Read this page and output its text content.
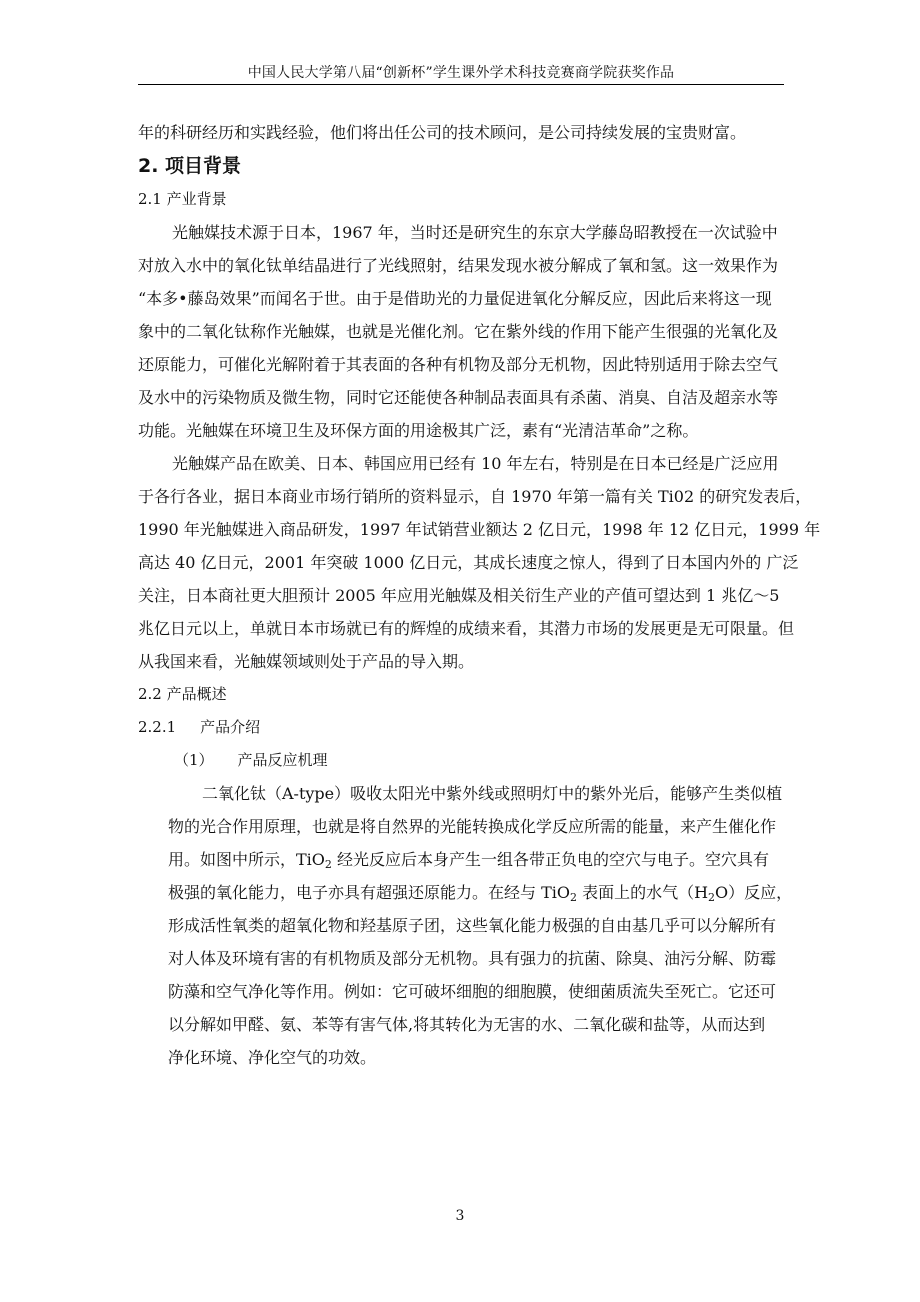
中国人民大学第八届“创新杯”学生课外学术科技竞赛商学院获奖作品

年的科研经历和实践经验，他们将出任公司的技术顾问，是公司持续发展的宝贵财富。

2. 项目背景

2.1 产业背景

光触媒技术源于日本，1967 年，当时还是研究生的东京大学藤岛昭教授在一次试验中

对放入水中的氧化钛单结晶进行了光线照射，结果发现水被分解成了氧和氢。这一效果作为

“本多•藤岛效果”而闻名于世。由于是借助光的力量促进氧化分解反应，因此后来将这一现

象中的二氧化钛称作光触媒，也就是光催化剂。它在紫外线的作用下能产生很强的光氧化及

还原能力，可催化光解附着于其表面的各种有机物及部分无机物，因此特别适用于除去空气

及水中的污染物质及微生物，同时它还能使各种制品表面具有杀菌、消臭、自洁及超亲水等

功能。光触媒在环境卫生及环保方面的用途极其广泛，素有“光清洁革命”之称。

光触媒产品在欧美、日本、韩国应用已经有 10 年左右，特别是在日本已经是广泛应用

于各行各业，据日本商业市场行销所的资料显示，自 1970 年第一篇有关 Ti02 的研究发表后，

1990 年光触媒进入商品研发，1997 年试销营业额达 2 亿日元，1998 年 12 亿日元，1999 年

高达 40 亿日元，2001 年突破 1000 亿日元，其成长速度之惊人，得到了日本国内外的 广泛

关注，日本商社更大胆预计 2005 年应用光触媒及相关衍生产业的产值可望达到 1 兆亿～5

兆亿日元以上，单就日本市场就已有的辉煌的成绩来看，其潜力市场的发展更是无可限量。但

从我国来看，光触媒领域则处于产品的导入期。

2.2 产品概述

2.2.1 产品介绍

（1） 产品反应机理

二氧化钛（A-type）吸收太阳光中紫外线或照明灯中的紫外光后，能够产生类似植

物的光合作用原理，也就是将自然界的光能转换成化学反应所需的能量，来产生催化作

用。如图中所示，TiO$_2$ 经光反应后本身产生一组各带正负电的空穴与电子。空穴具有

极强的氧化能力，电子亦具有超强还原能力。在经与 TiO$_2$ 表面上的水气$(H_2O)$反应，

形成活性氧类的超氧化物和羟基原子团，这些氧化能力极强的自由基几乎可以分解所有

对人体及环境有害的有机物质及部分无机物。具有强力的抗菌、除臭、油污分解、防霉

防藻和空气净化等作用。例如：它可破坏细胞的细胞膜，使细菌质流失至死亡。它还可

以分解如甲醛、氨、苯等有害气体,将其转化为无害的水、二氧化碳和盐等，从而达到

净化环境、净化空气的功效。

3
